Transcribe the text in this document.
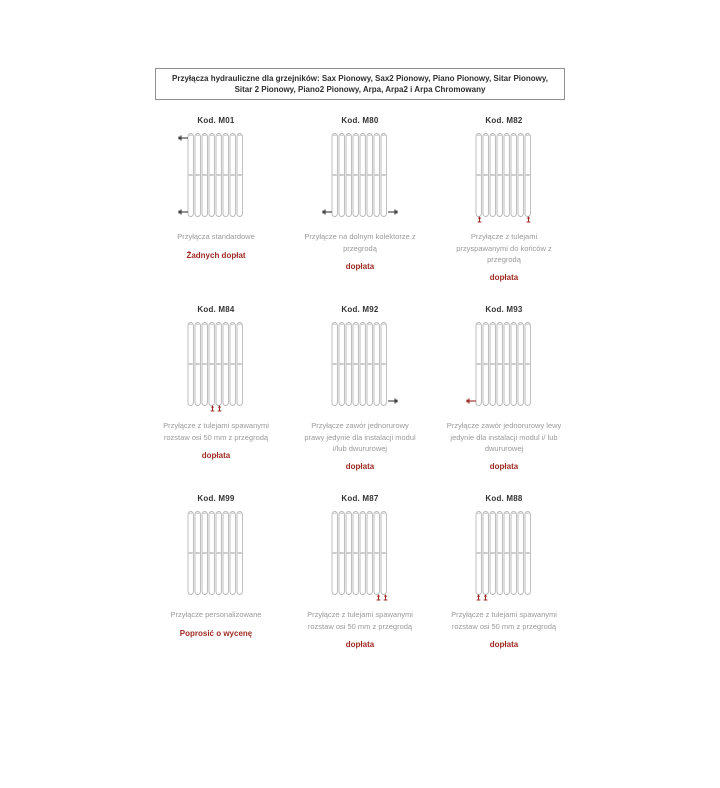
Przyłącza hydrauliczne dla grzejników: Sax Pionowy, Sax2 Pionowy, Piano Pionowy, Sitar Pionowy, Sitar 2 Pionowy, Piano2 Pionowy, Arpa, Arpa2 i Arpa Chromowany
Kod. M01
Przyłącza standardowe
Żadnych dopłat
Kod. M80
Przyłącze na dolnym kolektorze z przegrodą
dopłata
Kod. M82
Przyłącze z tulejami przyspawanymi do końców z przegrodą
dopłata
Kod. M84
Przyłącze z tulejami spawanymi rozstaw osi 50 mm z przegrodą
dopłata
Kod. M92
Przyłącze zawór jednorurowy prawy jedynie dla instalacji modul i/lub dwururowej
dopłata
Kod. M93
Przyłącze zawór jednorurowy lewy jedynie dla instalacji modul i/ lub dwururowej
dopłata
Kod. M99
Przyłącze personalizowane
Poprosić o wycenę
Kod. M87
Przyłącze z tulejami spawanymi rozstaw osi 50 mm z przegrodą
dopłata
Kod. M88
Przyłącze z tulejami spawanymi rozstaw osi 50 mm z przegrodą
dopłata
